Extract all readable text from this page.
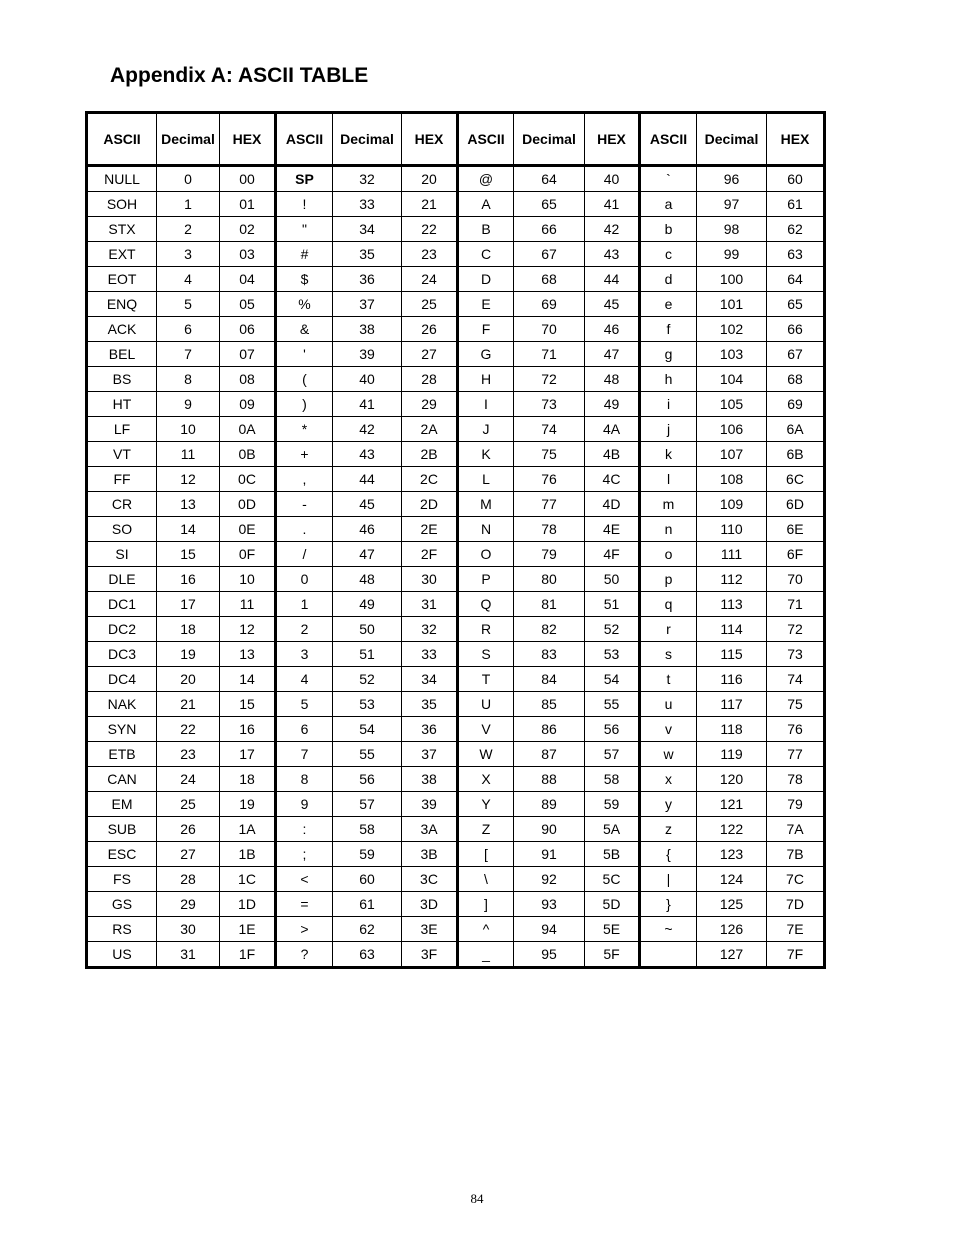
Appendix A: ASCII TABLE
ASCII	Decimal	HEX	ASCII	Decimal	HEX	ASCII	Decimal	HEX	ASCII	Decimal	HEX
NULL	0	00	SP	32	20	@	64	40	`	96	60
SOH	1	01	!	33	21	A	65	41	a	97	61
STX	2	02	"	34	22	B	66	42	b	98	62
EXT	3	03	#	35	23	C	67	43	c	99	63
EOT	4	04	$	36	24	D	68	44	d	100	64
ENQ	5	05	%	37	25	E	69	45	e	101	65
ACK	6	06	&	38	26	F	70	46	f	102	66
BEL	7	07	'	39	27	G	71	47	g	103	67
BS	8	08	(	40	28	H	72	48	h	104	68
HT	9	09	)	41	29	I	73	49	i	105	69
LF	10	0A	*	42	2A	J	74	4A	j	106	6A
VT	11	0B	+	43	2B	K	75	4B	k	107	6B
FF	12	0C	,	44	2C	L	76	4C	l	108	6C
CR	13	0D	-	45	2D	M	77	4D	m	109	6D
SO	14	0E	.	46	2E	N	78	4E	n	110	6E
SI	15	0F	/	47	2F	O	79	4F	o	111	6F
DLE	16	10	0	48	30	P	80	50	p	112	70
DC1	17	11	1	49	31	Q	81	51	q	113	71
DC2	18	12	2	50	32	R	82	52	r	114	72
DC3	19	13	3	51	33	S	83	53	s	115	73
DC4	20	14	4	52	34	T	84	54	t	116	74
NAK	21	15	5	53	35	U	85	55	u	117	75
SYN	22	16	6	54	36	V	86	56	v	118	76
ETB	23	17	7	55	37	W	87	57	w	119	77
CAN	24	18	8	56	38	X	88	58	x	120	78
EM	25	19	9	57	39	Y	89	59	y	121	79
SUB	26	1A	:	58	3A	Z	90	5A	z	122	7A
ESC	27	1B	;	59	3B	[	91	5B	{	123	7B
FS	28	1C	<	60	3C	\	92	5C	|	124	7C
GS	29	1D	=	61	3D	]	93	5D	}	125	7D
RS	30	1E	>	62	3E	^	94	5E	~	126	7E
US	31	1F	?	63	3F	_	95	5F		127	7F
84
